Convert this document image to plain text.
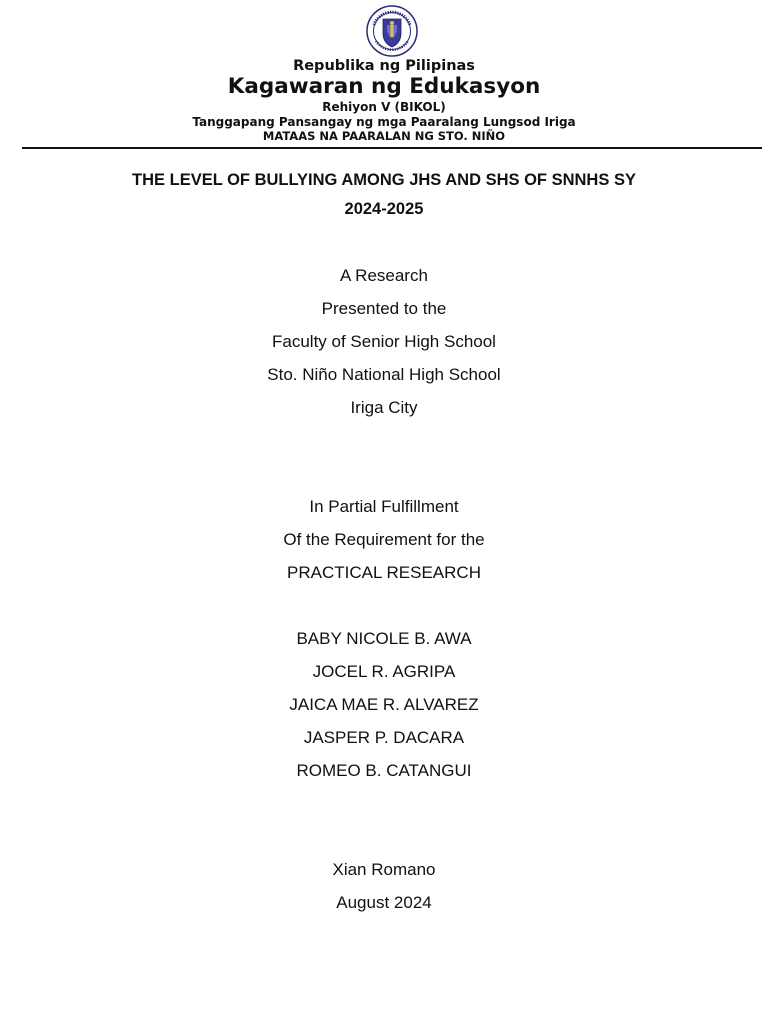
Republika ng Pilipinas
Kagawaran ng Edukasyon
Rehiyon V (BIKOL)
Tanggapang Pansangay ng mga Paaralang Lungsod Iriga
MATAAS NA PAARALAN NG STO. NIÑO
THE LEVEL OF BULLYING AMONG JHS AND SHS OF SNNHS SY
2024-2025
A Research
Presented to the
Faculty of Senior High School
Sto. Niño National High School
Iriga City
In Partial Fulfillment
Of the Requirement for the
PRACTICAL RESEARCH
BABY NICOLE B. AWA
JOCEL R. AGRIPA
JAICA MAE R. ALVAREZ
JASPER P. DACARA
ROMEO B. CATANGUI
Xian Romano
August 2024
